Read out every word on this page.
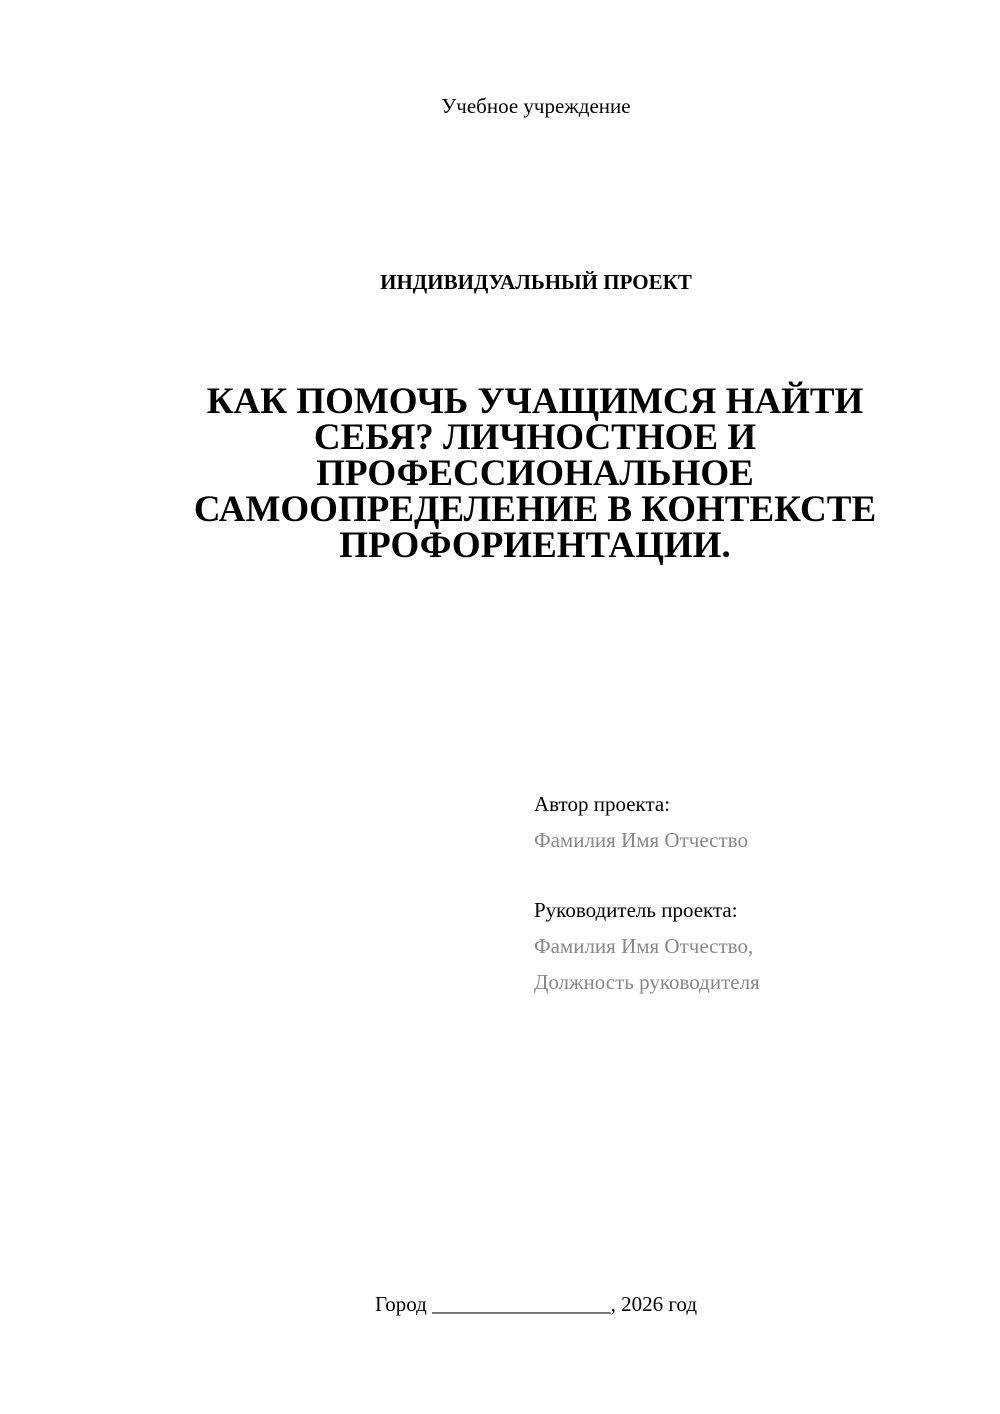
Учебное учреждение
ИНДИВИДУАЛЬНЫЙ ПРОЕКТ
КАК ПОМОЧЬ УЧАЩИМСЯ НАЙТИ
СЕБЯ? ЛИЧНОСТНОЕ И
ПРОФЕССИОНАЛЬНОЕ
САМООПРЕДЕЛЕНИЕ В КОНТЕКСТЕ
ПРОФОРИЕНТАЦИИ.
Автор проекта:
Фамилия Имя Отчество
Руководитель проекта:
Фамилия Имя Отчество,
Должность руководителя
Город _________________, 2026 год
